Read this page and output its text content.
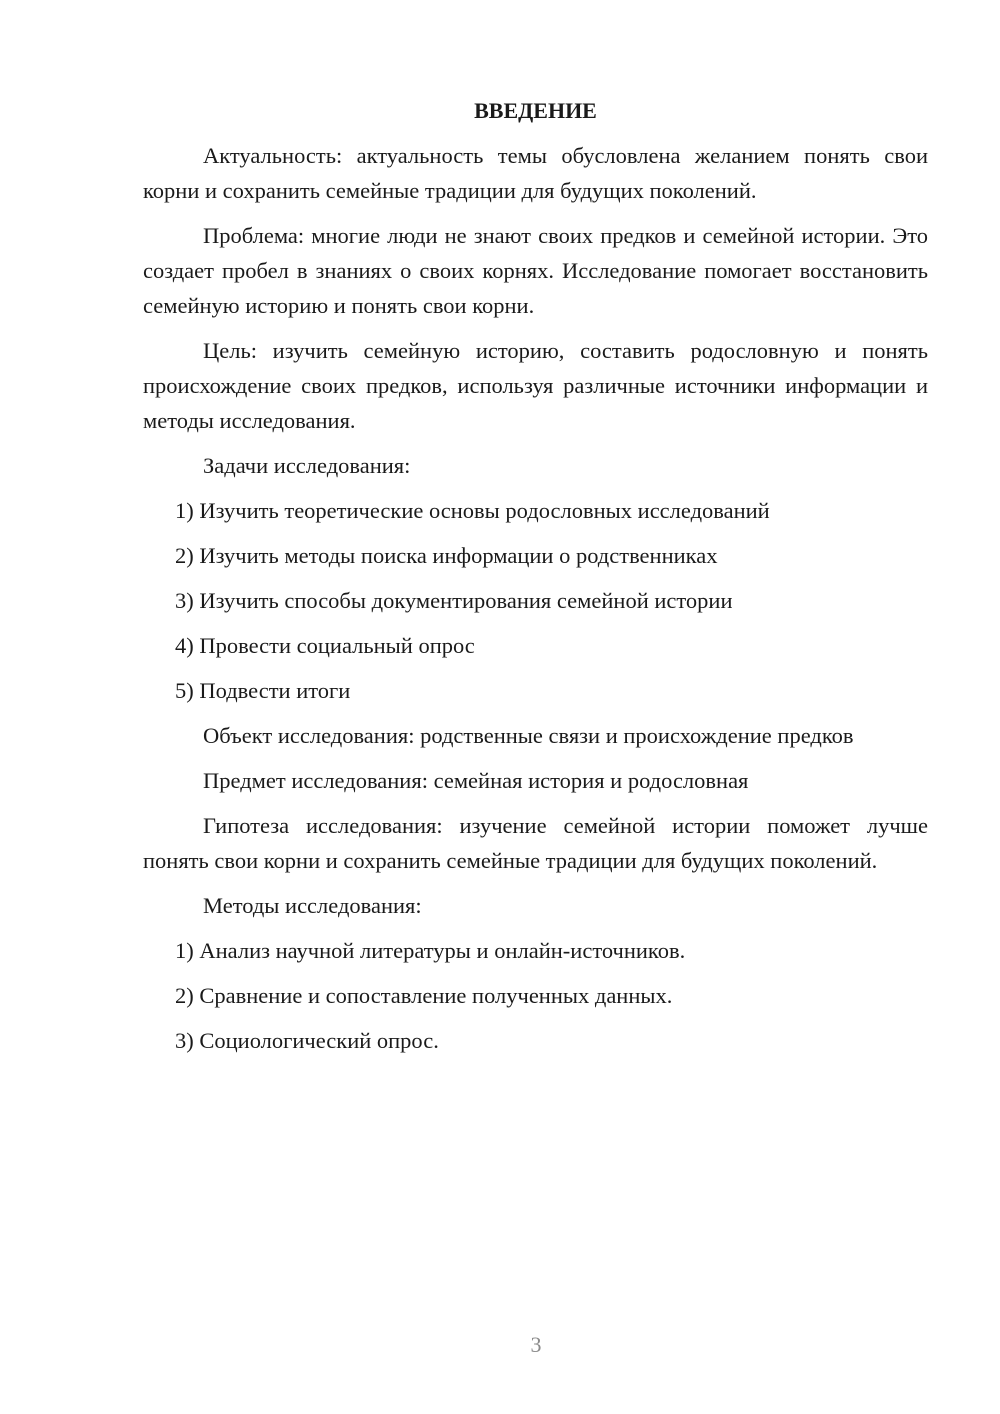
ВВЕДЕНИЕ

Актуальность: актуальность темы обусловлена желанием понять свои корни и сохранить семейные традиции для будущих поколений.

Проблема: многие люди не знают своих предков и семейной истории. Это создает пробел в знаниях о своих корнях. Исследование помогает восстановить семейную историю и понять свои корни.

Цель: изучить семейную историю, составить родословную и понять происхождение своих предков, используя различные источники информации и методы исследования.

Задачи исследования:

1) Изучить теоретические основы родословных исследований

2) Изучить методы поиска информации о родственниках

3) Изучить способы документирования семейной истории

4) Провести социальный опрос

5) Подвести итоги

Объект исследования: родственные связи и происхождение предков

Предмет исследования: семейная история и родословная

Гипотеза исследования: изучение семейной истории поможет лучше понять свои корни и сохранить семейные традиции для будущих поколений.

Методы исследования:

1) Анализ научной литературы и онлайн-источников.

2) Сравнение и сопоставление полученных данных.

3) Социологический опрос.

3
